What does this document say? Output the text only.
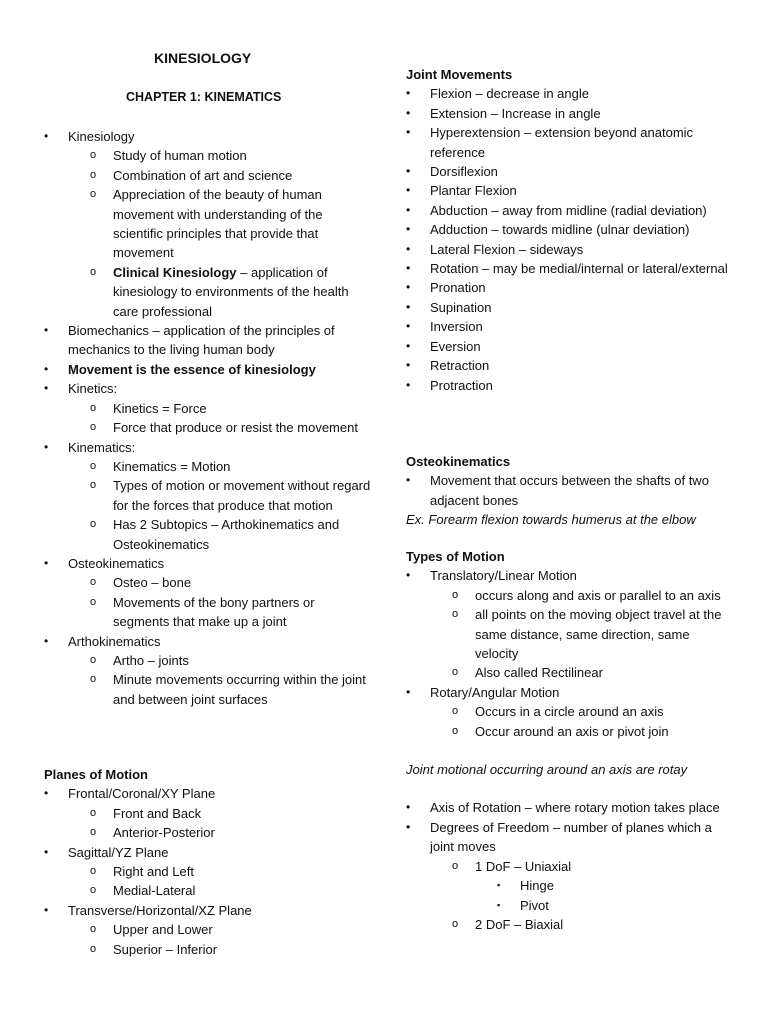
KINESIOLOGY
CHAPTER 1: KINEMATICS
• Kinesiology
o Study of human motion
o Combination of art and science
o Appreciation of the beauty of human movement with understanding of the scientific principles that provide that movement
o Clinical Kinesiology – application of kinesiology to environments of the health care professional
• Biomechanics – application of the principles of mechanics to the living human body
• Movement is the essence of kinesiology
• Kinetics:
o Kinetics = Force
o Force that produce or resist the movement
• Kinematics:
o Kinematics = Motion
o Types of motion or movement without regard for the forces that produce that motion
o Has 2 Subtopics – Arthokinematics and Osteokinematics
• Osteokinematics
o Osteo – bone
o Movements of the bony partners or segments that make up a joint
• Arthokinematics
o Artho – joints
o Minute movements occurring within the joint and between joint surfaces
Planes of Motion
• Frontal/Coronal/XY Plane
o Front and Back
o Anterior-Posterior
• Sagittal/YZ Plane
o Right and Left
o Medial-Lateral
• Transverse/Horizontal/XZ Plane
o Upper and Lower
o Superior – Inferior
Joint Movements
• Flexion – decrease in angle
• Extension – Increase in angle
• Hyperextension – extension beyond anatomic reference
• Dorsiflexion
• Plantar Flexion
• Abduction – away from midline (radial deviation)
• Adduction – towards midline (ulnar deviation)
• Lateral Flexion – sideways
• Rotation – may be medial/internal or lateral/external
• Pronation
• Supination
• Inversion
• Eversion
• Retraction
• Protraction
Osteokinematics
• Movement that occurs between the shafts of two adjacent bones
Ex. Forearm flexion towards humerus at the elbow
Types of Motion
• Translatory/Linear Motion
o occurs along and axis or parallel to an axis
o all points on the moving object travel at the same distance, same direction, same velocity
o Also called Rectilinear
• Rotary/Angular Motion
o Occurs in a circle around an axis
o Occur around an axis or pivot join
Joint motional occurring around an axis are rotay
• Axis of Rotation – where rotary motion takes place
• Degrees of Freedom – number of planes which a joint moves
o 1 DoF – Uniaxial
▪ Hinge
▪ Pivot
o 2 DoF – Biaxial
